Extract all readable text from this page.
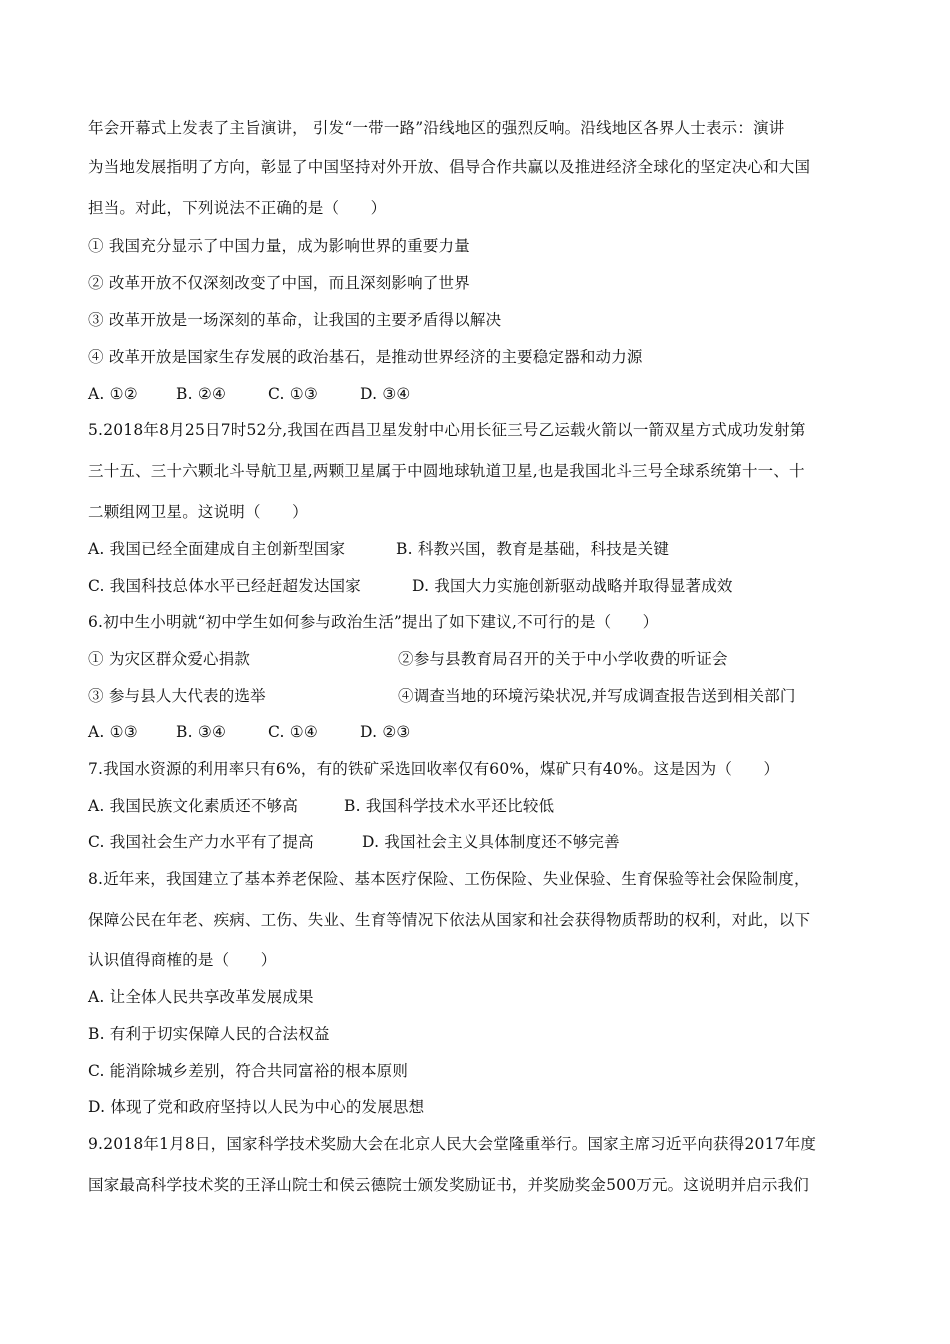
年会开幕式上发表了主旨演讲， 引发“一带一路”沿线地区的强烈反响。沿线地区各界人士表示：演讲
为当地发展指明了方向，彰显了中国坚持对外开放、倡导合作共赢以及推进经济全球化的坚定决心和大国
担当。对此，下列说法不正确的是（　　）
① 我国充分显示了中国力量，成为影响世界的重要力量
② 改革开放不仅深刻改变了中国，而且深刻影响了世界
③ 改革开放是一场深刻的革命，让我国的主要矛盾得以解决
④ 改革开放是国家生存发展的政治基石，是推动世界经济的主要稳定器和动力源
A. ①② B. ②④	C. ①③	D. ③④
5.2018年8月25日7时52分,我国在西昌卫星发射中心用长征三号乙运载火箭以一箭双星方式成功发射第
三十五、三十六颗北斗导航卫星,两颗卫星属于中圆地球轨道卫星,也是我国北斗三号全球系统第十一、十
二颗组网卫星。这说明（　　）
A. 我国已经全面建成自主创新型国家	B. 科教兴国，教育是基础，科技是关键
C. 我国科技总体水平已经赶超发达国家	D. 我国大力实施创新驱动战略并取得显著成效
6.初中生小明就“初中学生如何参与政治生活”提出了如下建议,不可行的是（　　）
① 为灾区群众爱心捐款	②参与县教育局召开的关于中小学收费的听证会
③ 参与县人大代表的选举	④调查当地的环境污染状况,并写成调查报告送到相关部门
A. ①③ B. ③④	C. ①④	D. ②③
7.我国水资源的利用率只有6%，有的铁矿采选回收率仅有60%，煤矿只有40%。这是因为（　　）
A. 我国民族文化素质还不够高	B. 我国科学技术水平还比较低
C. 我国社会生产力水平有了提高	D. 我国社会主义具体制度还不够完善
8.近年来，我国建立了基本养老保险、基本医疗保险、工伤保险、失业保验、生育保验等社会保险制度，
保障公民在年老、疾病、工伤、失业、生育等情况下依法从国家和社会获得物质帮助的权利，对此，以下
认识值得商榷的是（　　）
A. 让全体人民共享改革发展成果
B. 有利于切实保障人民的合法权益
C. 能消除城乡差别，符合共同富裕的根本原则
D. 体现了党和政府坚持以人民为中心的发展思想
9.2018年1月8日，国家科学技术奖励大会在北京人民大会堂隆重举行。国家主席习近平向获得2017年度
国家最高科学技术奖的王泽山院士和侯云德院士颁发奖励证书，并奖励奖金500万元。这说明并启示我们
